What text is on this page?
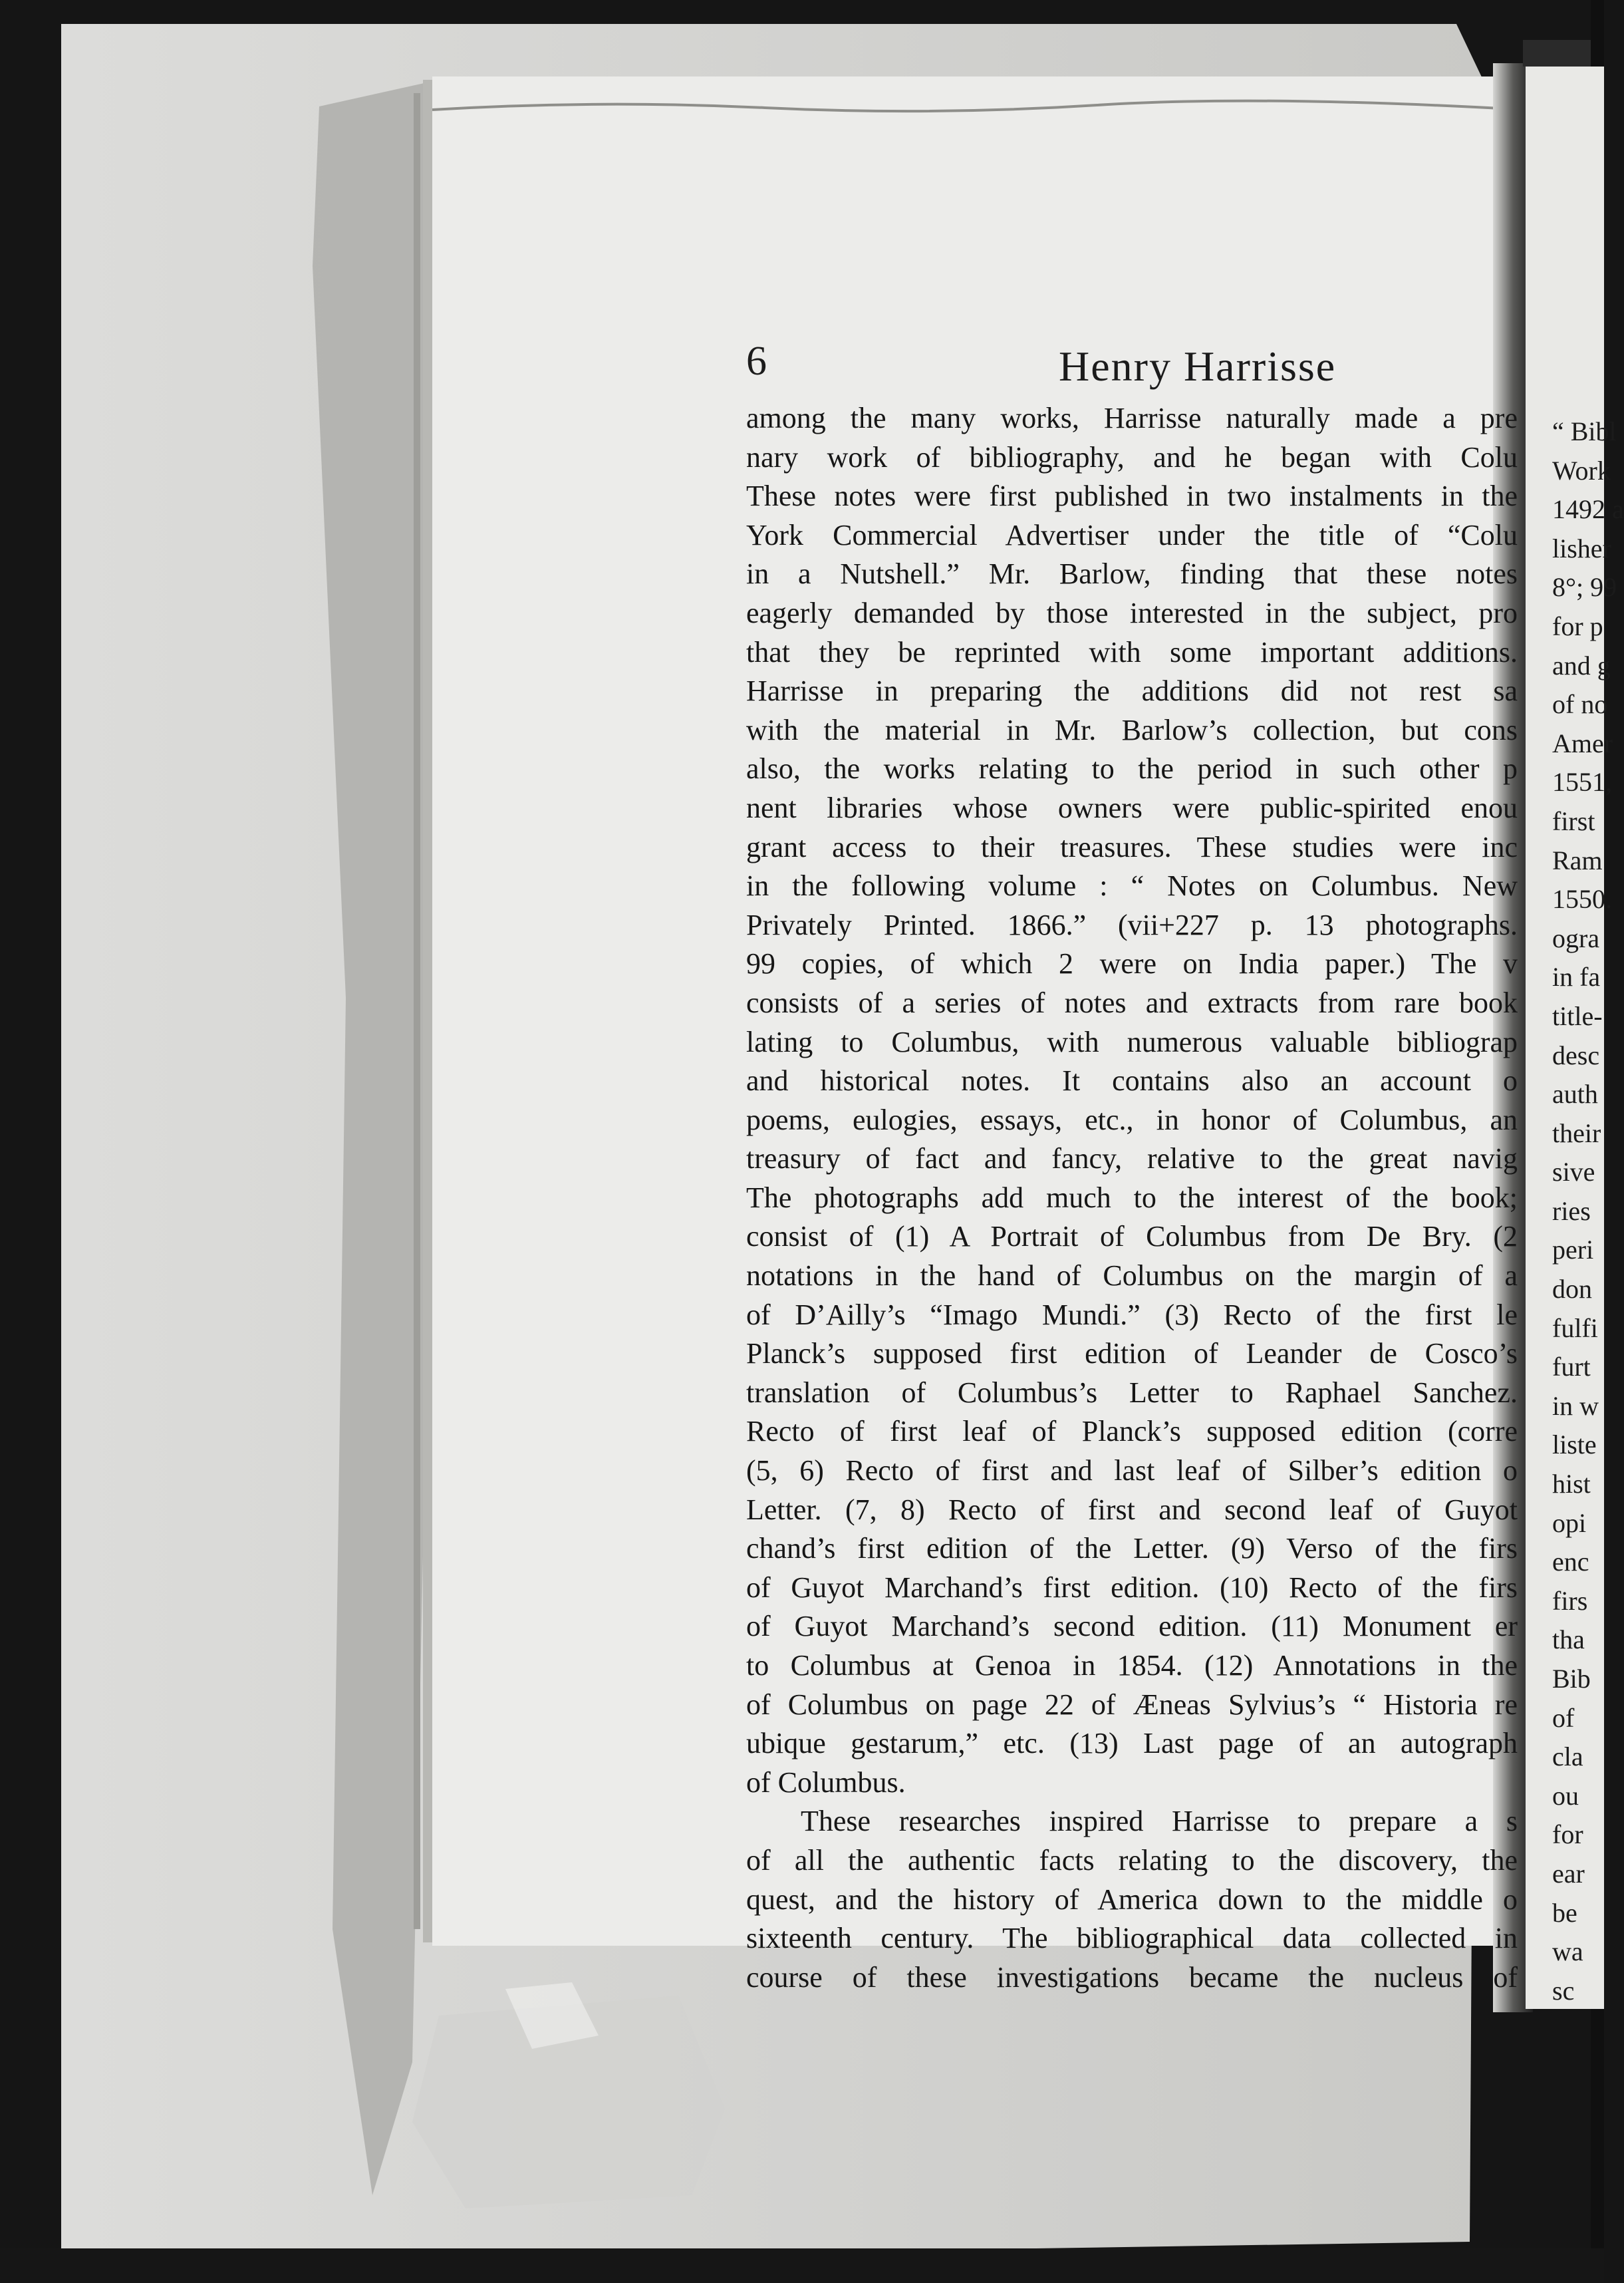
6	Henry Harrisse
among the many works, Harrisse naturally made a pre
nary work of bibliography, and he began with Colu
These notes were first published in two instalments in the
York Commercial Advertiser under the title of “Colu
in a Nutshell.” Mr. Barlow, finding that these notes
eagerly demanded by those interested in the subject, pro
that they be reprinted with some important additions.
Harrisse in preparing the additions did not rest sa
with the material in Mr. Barlow’s collection, but cons
also, the works relating to the period in such other p
nent libraries whose owners were public-spirited enou
grant access to their treasures. These studies were inc
in the following volume : “ Notes on Columbus. New
Privately Printed. 1866.” (vii+227 p. 13 photographs.
99 copies, of which 2 were on India paper.) The v
consists of a series of notes and extracts from rare book
lating to Columbus, with numerous valuable bibliograp
and historical notes. It contains also an account o
poems, eulogies, essays, etc., in honor of Columbus, an
treasury of fact and fancy, relative to the great navig
The photographs add much to the interest of the book;
consist of (1) A Portrait of Columbus from De Bry. (2
notations in the hand of Columbus on the margin of a
of D’Ailly’s “Imago Mundi.” (3) Recto of the first le
Planck’s supposed first edition of Leander de Cosco’s
translation of Columbus’s Letter to Raphael Sanchez.
Recto of first leaf of Planck’s supposed edition (corre
(5, 6) Recto of first and last leaf of Silber’s edition o
Letter. (7, 8) Recto of first and second leaf of Guyot
chand’s first edition of the Letter. (9) Verso of the firs
of Guyot Marchand’s first edition. (10) Recto of the firs
of Guyot Marchand’s second edition. (11) Monument er
to Columbus at Genoa in 1854. (12) Annotations in the
of Columbus on page 22 of Æneas Sylvius’s “ Historia re
ubique gestarum,” etc. (13) Last page of an autograph
of Columbus.
These researches inspired Harrisse to prepare a s
of all the authentic facts relating to the discovery, the
quest, and the history of America down to the middle o
sixteenth century. The bibliographical data collected in
course of these investigations became the nucleus of
“ Bibl
Work
1492 a
lisher
8°; 99
for p
and g
of no
Amer
1551,
first
Ram
1550.
ogra
in fa
title-
desc
auth
their
sive
ries
peri
don
fulfi
furt
in w
liste
hist
opi
enc
firs
tha
Bib
of
cla
ou
for
ear
be
wa
sc
